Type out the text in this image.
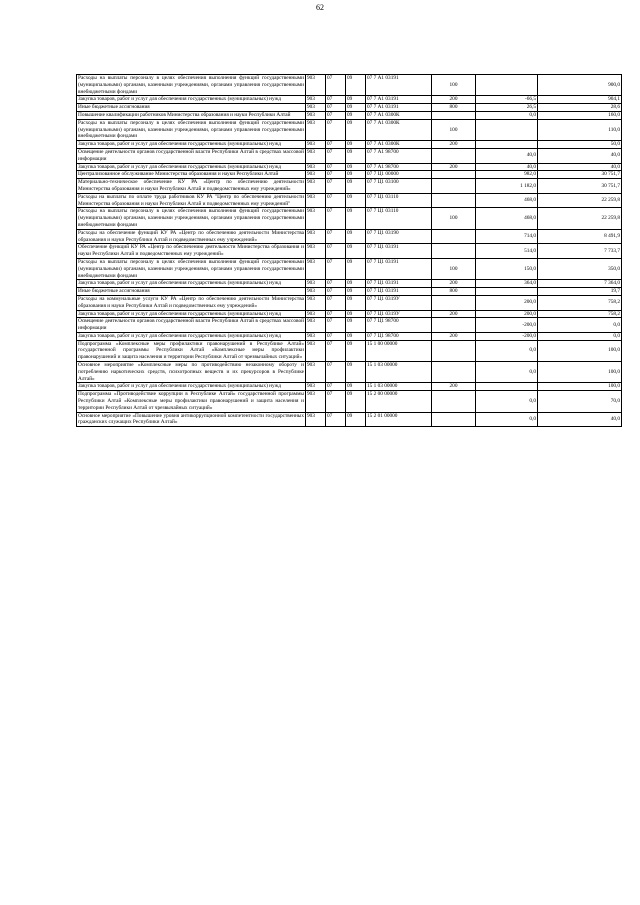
62
Расходы на выплаты персоналу в целях обеспечения выполнения функций государственными (муниципальными) органами, казенными учреждениями, органами управления государственными внебюджетными фондами	903	07	09	07 7 А1 03191	100		900,0
Закупка товаров, работ и услуг для обеспечения государственных (муниципальных) нужд	903	07	09	07 7 А1 03191	200	-66,5	904,1
Иные бюджетные ассигнования	903	07	09	07 7 А1 03191	800	26,5	28,6
Повышение квалификации работников Министерства образования и науки Республики Алтай	903	07	09	07 7 А1 0300К		0,0	160,0
Расходы на выплаты персоналу в целях обеспечения выполнения функций государственными (муниципальными) органами, казенными учреждениями, органами управления государственными внебюджетными фондами	903	07	09	07 7 А1 0300К	100		110,0
Закупка товаров, работ и услуг для обеспечения государственных (муниципальных) нужд	903	07	09	07 7 А1 0300К	200		50,0
Освещение деятельности органов государственной власти Республики Алтай в средствах массовой информации	903	07	09	07 7 А1 98700		40,0	40,0
Закупка товаров, работ и услуг для обеспечения государственных (муниципальных) нужд	903	07	09	07 7 А1 98700	200	40,0	40,0
Централизованное обслуживание Министерства образования и науки Республики Алтай	903	07	09	07 7 Ц1 00000		982,0	30 751,7
Материально-техническое обеспечение КУ РА «Центр по обеспечению деятельности Министерства образования и науки Республики Алтай и подведомственных ему учреждений»	903	07	09	07 7 Ц1 03100		1 182,0	30 751,7
Расходы на выплаты по оплате труда работников КУ РА "Центр по обеспечению деятельности Министерства образования и науки Республики Алтай и подведомственных ему учреждений"	903	07	09	07 7 Ц1 03110		468,0	22 259,8
Расходы на выплаты персоналу в целях обеспечения выполнения функций государственными (муниципальными) органами, казенными учреждениями, органами управления государственными внебюджетными фондами	903	07	09	07 7 Ц1 03110	100	468,0	22 259,8
Расходы на обеспечение функций КУ РА «Центр по обеспечению деятельности Министерства образования и науки Республики Алтай и подведомственных ему учреждений»	903	07	09	07 7 Ц1 03190		714,0	8 491,9
Обеспечение функций КУ РА «Центр по обеспечению деятельности Министерства образования и науки Республики Алтай и подведомственных ему учреждений»	903	07	09	07 7 Ц1 03191		514,0	7 733,7
Расходы на выплаты персоналу в целях обеспечения выполнения функций государственными (муниципальными) органами, казенными учреждениями, органами управления государственными внебюджетными фондами	903	07	09	07 7 Ц1 03191	100	150,0	350,0
Закупка товаров, работ и услуг для обеспечения государственных (муниципальных) нужд	903	07	09	07 7 Ц1 03191	200	364,0	7 364,0
Иные бюджетные ассигнования	903	07	09	07 7 Ц1 03191	800		19,7
Расходы на коммунальные услуги КУ РА «Центр по обеспечению деятельности Министерства образования и науки Республики Алтай и подведомственных ему учреждений»	903	07	09	07 7 Ц1 0319У		200,0	758,2
Закупка товаров, работ и услуг для обеспечения государственных (муниципальных) нужд	903	07	09	07 7 Ц1 0319У	200	200,0	758,2
Освещение деятельности органов государственной власти Республики Алтай в средствах массовой информации	903	07	09	07 7 Ц1 98700		-200,0	0,0
Закупка товаров, работ и услуг для обеспечения государственных (муниципальных) нужд	903	07	09	07 7 Ц1 98700	200	-200,0	0,0
Подпрограмма «Комплексные меры профилактики правонарушений в Республике Алтай» государственной программы Республики Алтай «Комплексные меры профилактики правонарушений и защита населения и территории Республики Алтай от чрезвычайных ситуаций»	903	07	09	15 1 00 00000		0,0	100,0
Основное мероприятие «Комплексные меры по противодействию незаконному обороту и потреблению наркотических средств, психотропных веществ и их прекурсоров в Республике Алтай»	903	07	09	15 1 03 00000		0,0	100,0
Закупка товаров, работ и услуг для обеспечения государственных (муниципальных) нужд	903	07	09	15 1 03 00000	200		100,0
Подпрограмма «Противодействие коррупции в Республике Алтай» государственной программы Республики Алтай «Комплексные меры профилактики правонарушений и защита населения и территории Республики Алтай от чрезвычайных ситуаций»	903	07	09	15 2 00 00000		0,0	70,0
Основное мероприятие «Повышение уровня антикоррупционной компетентности государственных гражданских служащих Республики Алтай»	903	07	09	15 2 01 00000		0,0	40,0
